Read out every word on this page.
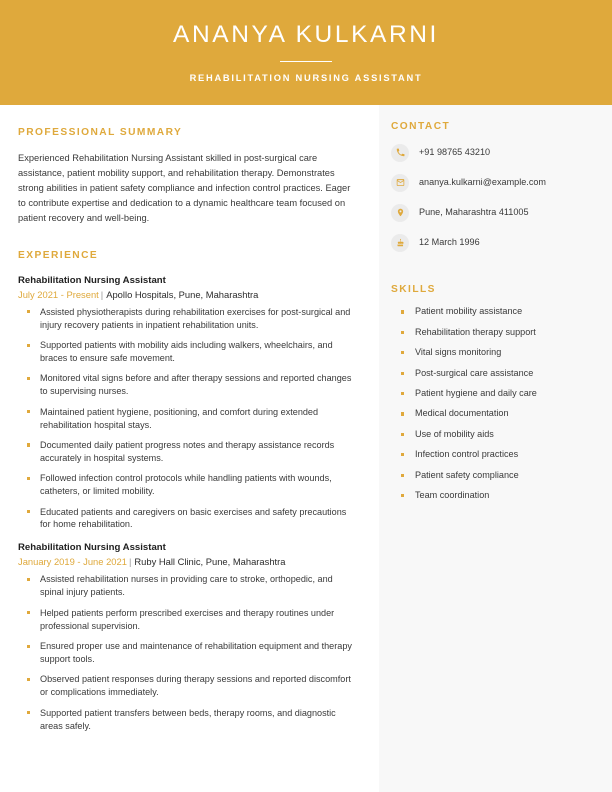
ANANYA KULKARNI
REHABILITATION NURSING ASSISTANT
PROFESSIONAL SUMMARY

Experienced Rehabilitation Nursing Assistant skilled in post-surgical care assistance, patient mobility support, and rehabilitation therapy. Demonstrates strong abilities in patient safety compliance and infection control practices. Eager to contribute expertise and dedication to a dynamic healthcare team focused on patient recovery and well-being.

EXPERIENCE
Rehabilitation Nursing Assistant
July 2021 - Present | Apollo Hospitals, Pune, Maharashtra
Assisted physiotherapists during rehabilitation exercises for post-surgical and injury recovery patients in inpatient rehabilitation units.
Supported patients with mobility aids including walkers, wheelchairs, and braces to ensure safe movement.
Monitored vital signs before and after therapy sessions and reported changes to supervising nurses.
Maintained patient hygiene, positioning, and comfort during extended rehabilitation hospital stays.
Documented daily patient progress notes and therapy assistance records accurately in hospital systems.
Followed infection control protocols while handling patients with wounds, catheters, or limited mobility.
Educated patients and caregivers on basic exercises and safety precautions for home rehabilitation.
Rehabilitation Nursing Assistant
January 2019 - June 2021 | Ruby Hall Clinic, Pune, Maharashtra
Assisted rehabilitation nurses in providing care to stroke, orthopedic, and spinal injury patients.
Helped patients perform prescribed exercises and therapy routines under professional supervision.
Ensured proper use and maintenance of rehabilitation equipment and therapy support tools.
Observed patient responses during therapy sessions and reported discomfort or complications immediately.
Supported patient transfers between beds, therapy rooms, and diagnostic areas safely.
CONTACT
+91 98765 43210
ananya.kulkarni@example.com
Pune, Maharashtra 411005
12 March 1996
SKILLS
Patient mobility assistance
Rehabilitation therapy support
Vital signs monitoring
Post-surgical care assistance
Patient hygiene and daily care
Medical documentation
Use of mobility aids
Infection control practices
Patient safety compliance
Team coordination
